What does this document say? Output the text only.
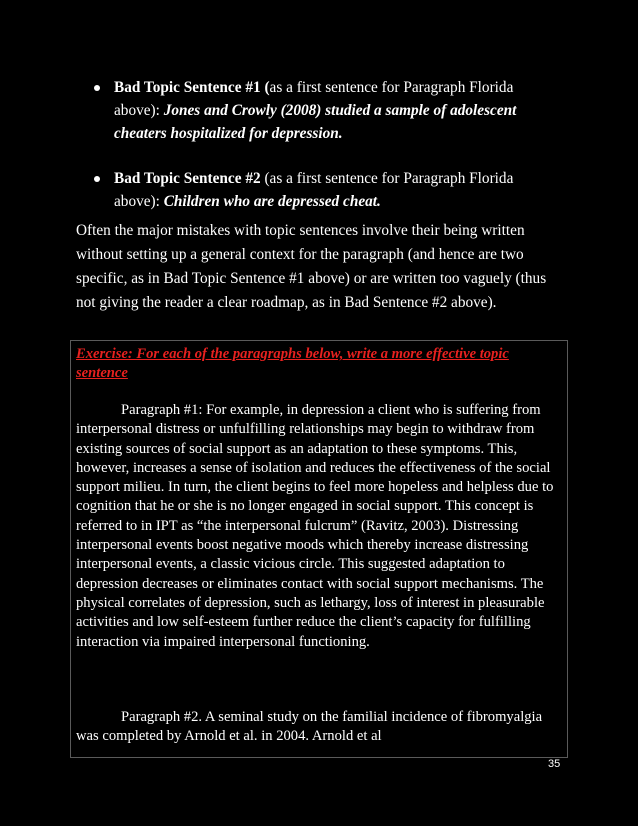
Bad Topic Sentence #1 (as a first sentence for Paragraph Florida above): Jones and Crowly (2008) studied a sample of adolescent cheaters hospitalized for depression.
Bad Topic Sentence #2 (as a first sentence for Paragraph Florida above): Children who are depressed cheat.

Often the major mistakes with topic sentences involve their being written without setting up a general context for the paragraph (and hence are two specific, as in Bad Topic Sentence #1 above) or are written too vaguely (thus not giving the reader a clear roadmap, as in Bad Sentence #2 above).

Exercise: For each of the paragraphs below, write a more effective topic sentence

Paragraph #1: For example, in depression a client who is suffering from interpersonal distress or unfulfilling relationships may begin to withdraw from existing sources of social support as an adaptation to these symptoms. This, however, increases a sense of isolation and reduces the effectiveness of the social support milieu. In turn, the client begins to feel more hopeless and helpless due to cognition that he or she is no longer engaged in social support. This concept is referred to in IPT as “the interpersonal fulcrum” (Ravitz, 2003). Distressing interpersonal events boost negative moods which thereby increase distressing interpersonal events, a classic vicious circle. This suggested adaptation to depression decreases or eliminates contact with social support mechanisms. The physical correlates of depression, such as lethargy, loss of interest in pleasurable activities and low self-esteem further reduce the client’s capacity for fulfilling interaction via impaired interpersonal functioning.

Paragraph #2. A seminal study on the familial incidence of fibromyalgia was completed by Arnold et al. in 2004. Arnold et al

35
